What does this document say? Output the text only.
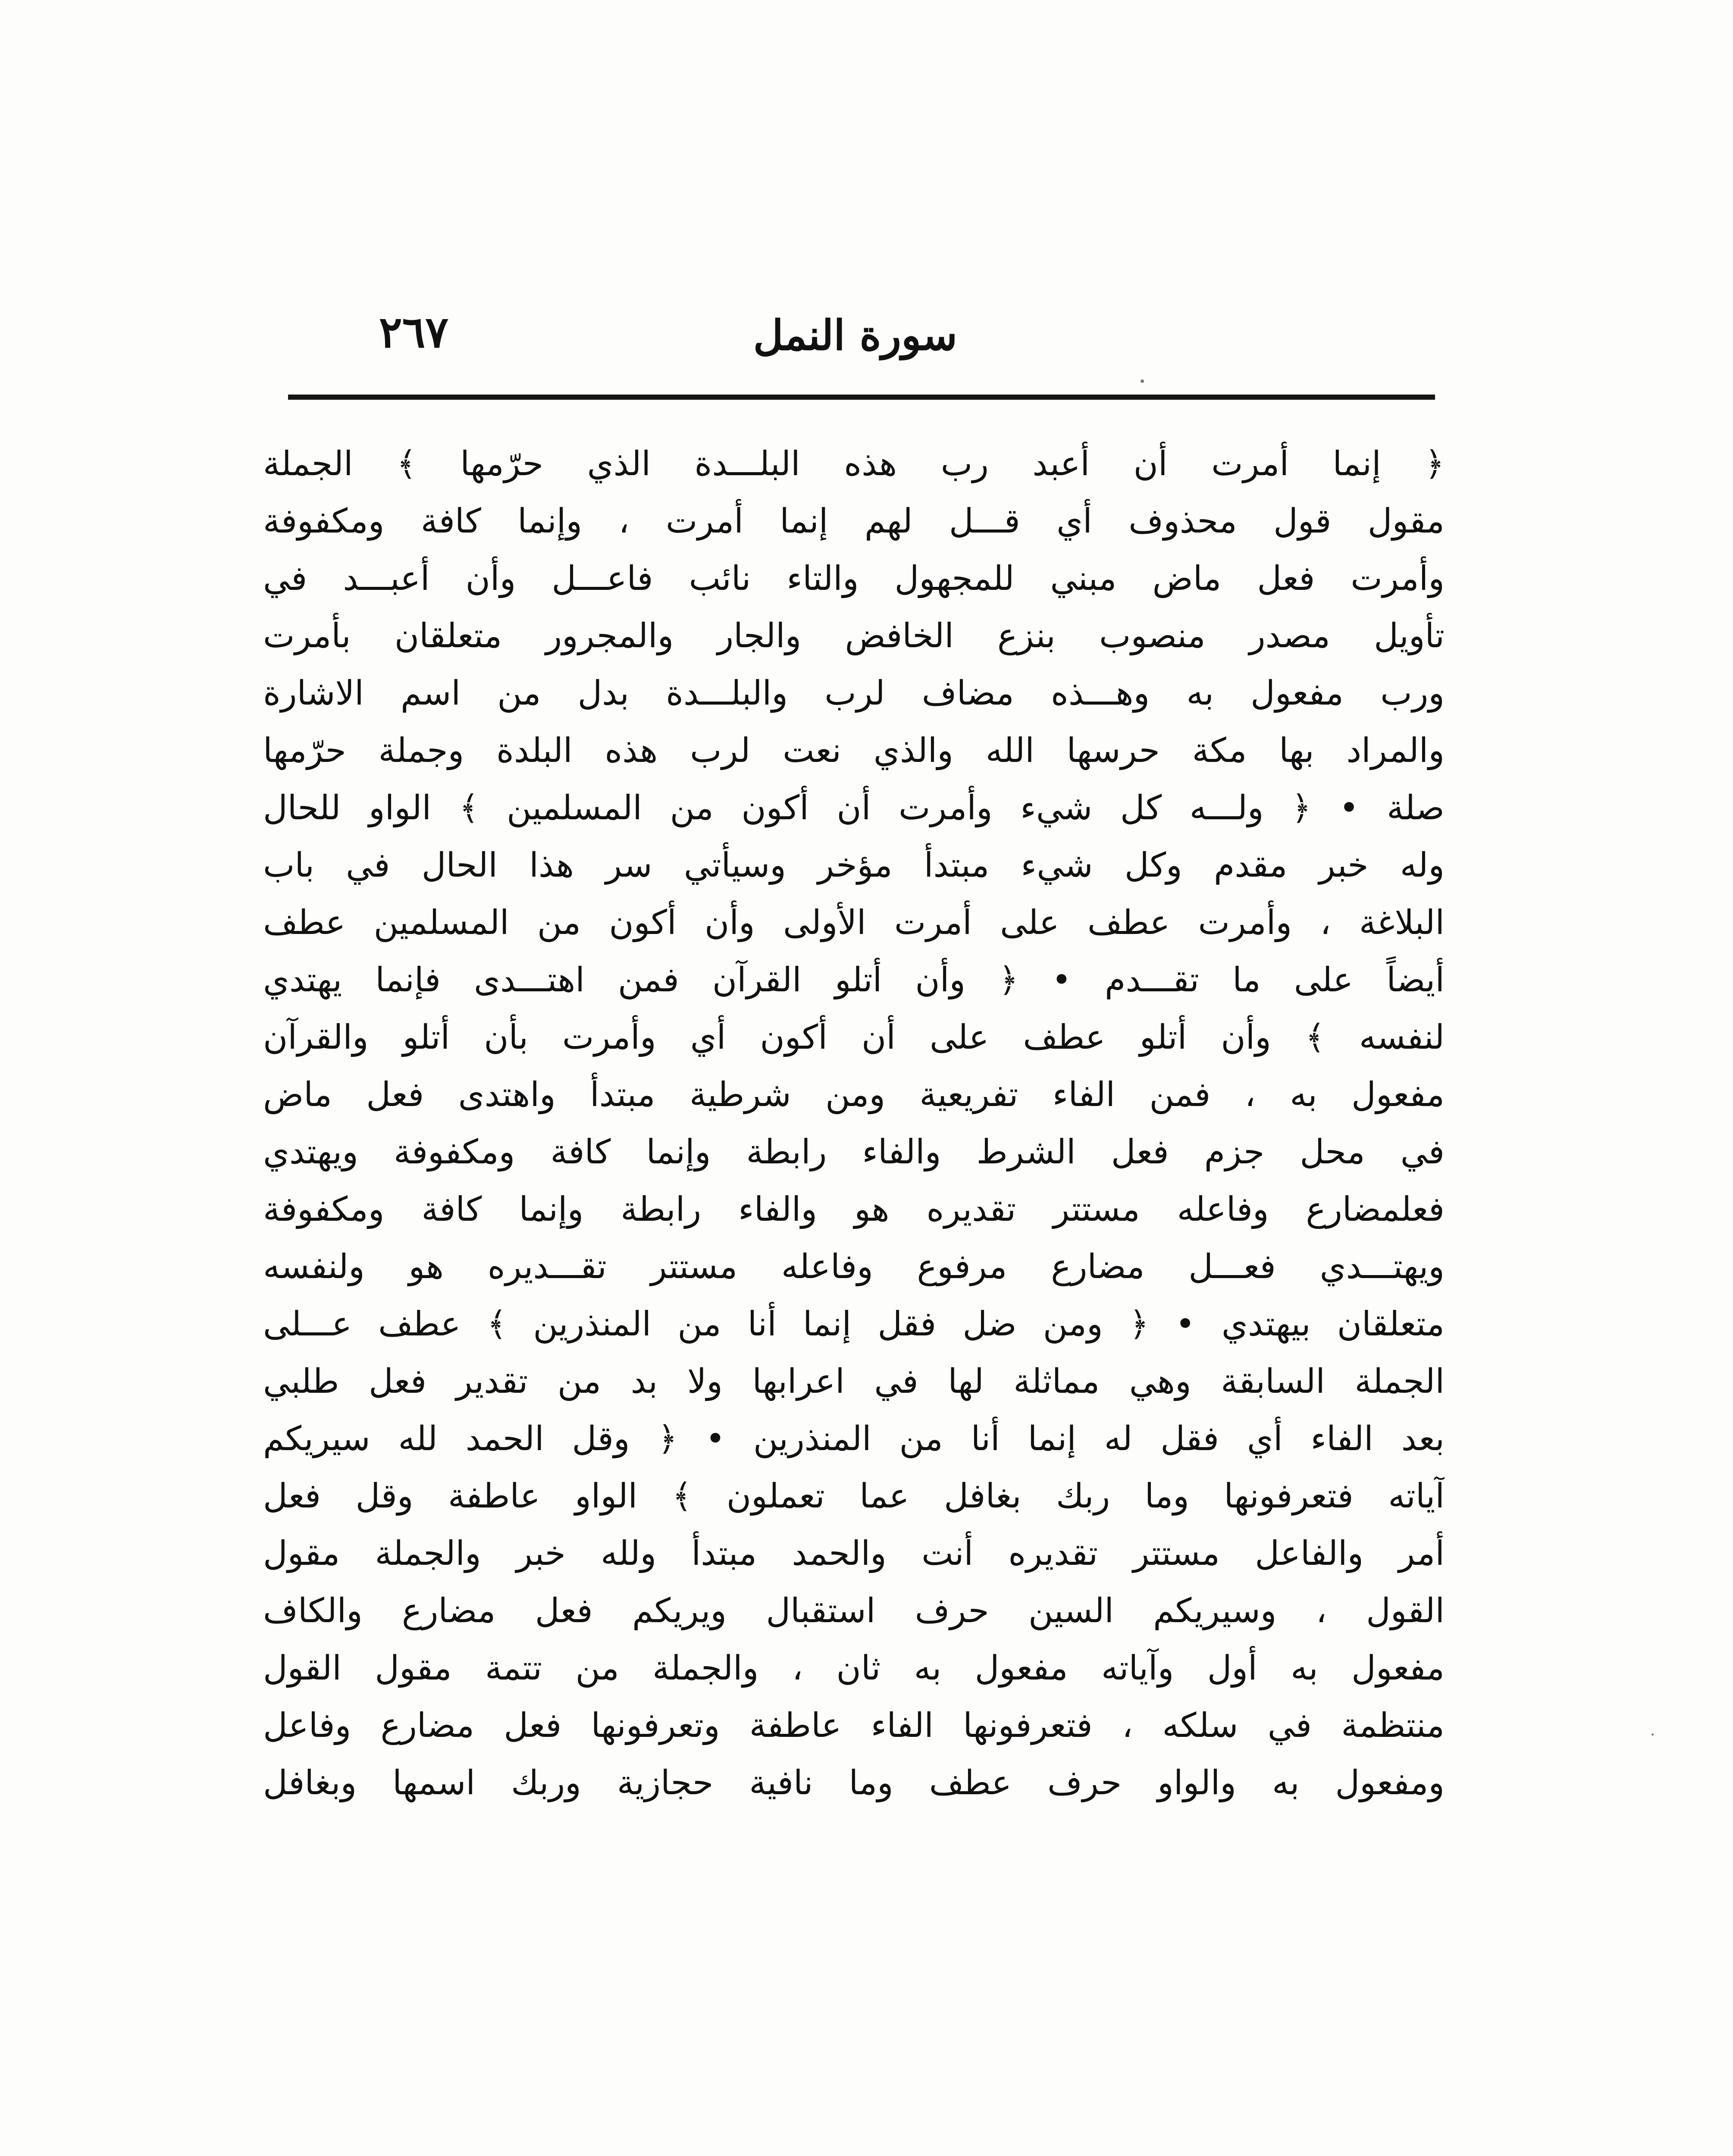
سورة النمل
٢٦٧
﴿ إنما أمرت أن أعبد رب هذه البلـــدة الذي حرّمها ﴾ الجملة
مقول قول محذوف أي قـــل لهم إنما أمرت ، وإنما كافة ومكفوفة
وأمرت فعل ماض مبني للمجهول والتاء نائب فاعـــل وأن أعبـــد في
تأويل مصدر منصوب بنزع الخافض والجار والمجرور متعلقان بأمرت
ورب مفعول به وهـــذه مضاف لرب والبلـــدة بدل من اسم الاشارة
والمراد بها مكة حرسها الله والذي نعت لرب هذه البلدة وجملة حرّمها
صلة • ﴿ ولـــه كل شيء وأمرت أن أكون من المسلمين ﴾ الواو للحال
وله خبر مقدم وكل شيء مبتدأ مؤخر وسيأتي سر هذا الحال في باب
البلاغة ، وأمرت عطف على أمرت الأولى وأن أكون من المسلمين عطف
أيضاً على ما تقـــدم • ﴿ وأن أتلو القرآن فمن اهتـــدى فإنما يهتدي
لنفسه ﴾ وأن أتلو عطف على أن أكون أي وأمرت بأن أتلو والقرآن
مفعول به ، فمن الفاء تفريعية ومن شرطية مبتدأ واهتدى فعل ماض
في محل جزم فعل الشرط والفاء رابطة وإنما كافة ومكفوفة ويهتدي
فعلمضارع وفاعله مستتر تقديره هو والفاء رابطة وإنما كافة ومكفوفة
ويهتـــدي فعـــل مضارع مرفوع وفاعله مستتر تقـــديره هو ولنفسه
متعلقان بيهتدي • ﴿ ومن ضل فقل إنما أنا من المنذرين ﴾ عطف عـــلى
الجملة السابقة وهي مماثلة لها في اعرابها ولا بد من تقدير فعل طلبي
بعد الفاء أي فقل له إنما أنا من المنذرين • ﴿ وقل الحمد لله سيريكم
آياته فتعرفونها وما ربك بغافل عما تعملون ﴾ الواو عاطفة وقل فعل
أمر والفاعل مستتر تقديره أنت والحمد مبتدأ ولله خبر والجملة مقول
القول ، وسيريكم السين حرف استقبال ويريكم فعل مضارع والكاف
مفعول به أول وآياته مفعول به ثان ، والجملة من تتمة مقول القول
منتظمة في سلكه ، فتعرفونها الفاء عاطفة وتعرفونها فعل مضارع وفاعل
ومفعول به والواو حرف عطف وما نافية حجازية وربك اسمها وبغافل
